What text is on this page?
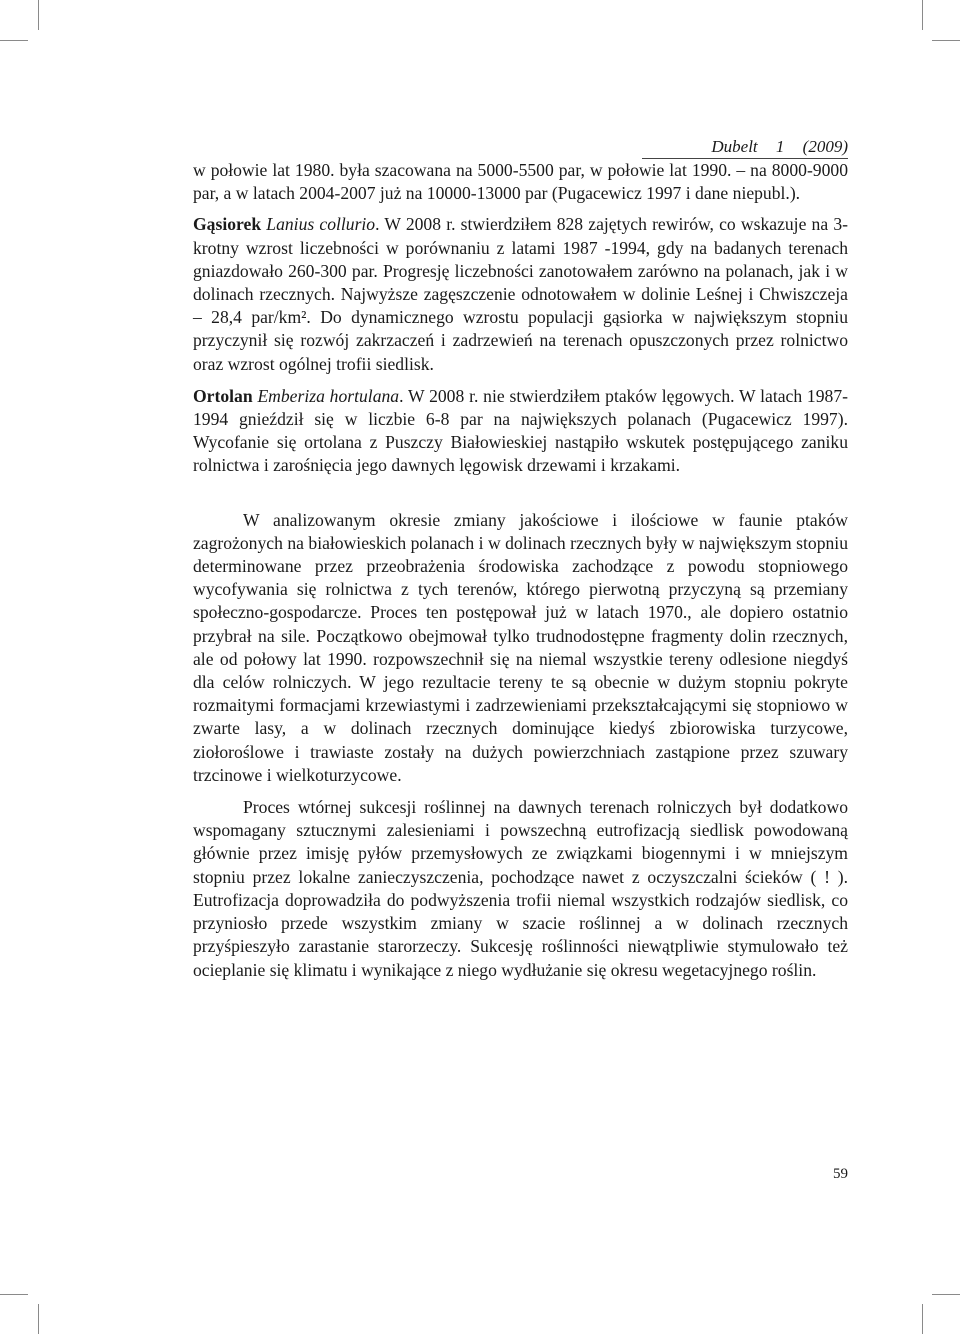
Dubelt 1 (2009)

w połowie lat 1980. była szacowana na 5000-5500 par, w połowie lat 1990. – na 8000-9000 par, a w latach 2004-2007 już na 10000-13000 par (Pugacewicz 1997 i dane niepubl.).

Gąsiorek Lanius collurio. W 2008 r. stwierdziłem 828 zajętych rewirów, co wskazuje na 3-krotny wzrost liczebności w porównaniu z latami 1987 -1994, gdy na badanych terenach gniazdowało 260-300 par. Progresję liczebności zanotowałem zarówno na polanach, jak i w dolinach rzecznych. Najwyższe zagęszczenie odnotowałem w dolinie Leśnej i Chwiszczeja – 28,4 par/km². Do dynamicznego wzrostu populacji gąsiorka w największym stopniu przyczynił się rozwój zakrzaczeń i zadrzewień na terenach opuszczonych przez rolnictwo oraz wzrost ogólnej trofii siedlisk.

Ortolan Emberiza hortulana. W 2008 r. nie stwierdziłem ptaków lęgowych. W latach 1987-1994 gnieździł się w liczbie 6-8 par na największych polanach (Pugacewicz 1997). Wycofanie się ortolana z Puszczy Białowieskiej nastąpiło wskutek postępującego zaniku rolnictwa i zarośnięcia jego dawnych lęgowisk drzewami i krzakami.

W analizowanym okresie zmiany jakościowe i ilościowe w faunie ptaków zagrożonych na białowieskich polanach i w dolinach rzecznych były w największym stopniu determinowane przez przeobrażenia środowiska zachodzące z powodu stopniowego wycofywania się rolnictwa z tych terenów, którego pierwotną przyczyną są przemiany społeczno-gospodarcze. Proces ten postępował już w latach 1970., ale dopiero ostatnio przybrał na sile. Początkowo obejmował tylko trudnodostępne fragmenty dolin rzecznych, ale od połowy lat 1990. rozpowszechnił się na niemal wszystkie tereny odlesione niegdyś dla celów rolniczych. W jego rezultacie tereny te są obecnie w dużym stopniu pokryte rozmaitymi formacjami krzewiastymi i zadrzewieniami przekształcającymi się stopniowo w zwarte lasy, a w dolinach rzecznych dominujące kiedyś zbiorowiska turzycowe, ziołoroślowe i trawiaste zostały na dużych powierzchniach zastąpione przez szuwary trzcinowe i wielkoturzycowe.

Proces wtórnej sukcesji roślinnej na dawnych terenach rolniczych był dodatkowo wspomagany sztucznymi zalesieniami i powszechną eutrofizacją siedlisk powodowaną głównie przez imisję pyłów przemysłowych ze związkami biogennymi i w mniejszym stopniu przez lokalne zanieczyszczenia, pochodzące nawet z oczyszczalni ścieków ( ! ). Eutrofizacja doprowadziła do podwyższenia trofii niemal wszystkich rodzajów siedlisk, co przyniosło przede wszystkim zmiany w szacie roślinnej a w dolinach rzecznych przyśpieszyło zarastanie starorzeczy. Sukcesję roślinności niewątpliwie stymulowało też ocieplanie się klimatu i wynikające z niego wydłużanie się okresu wegetacyjnego roślin.

59
